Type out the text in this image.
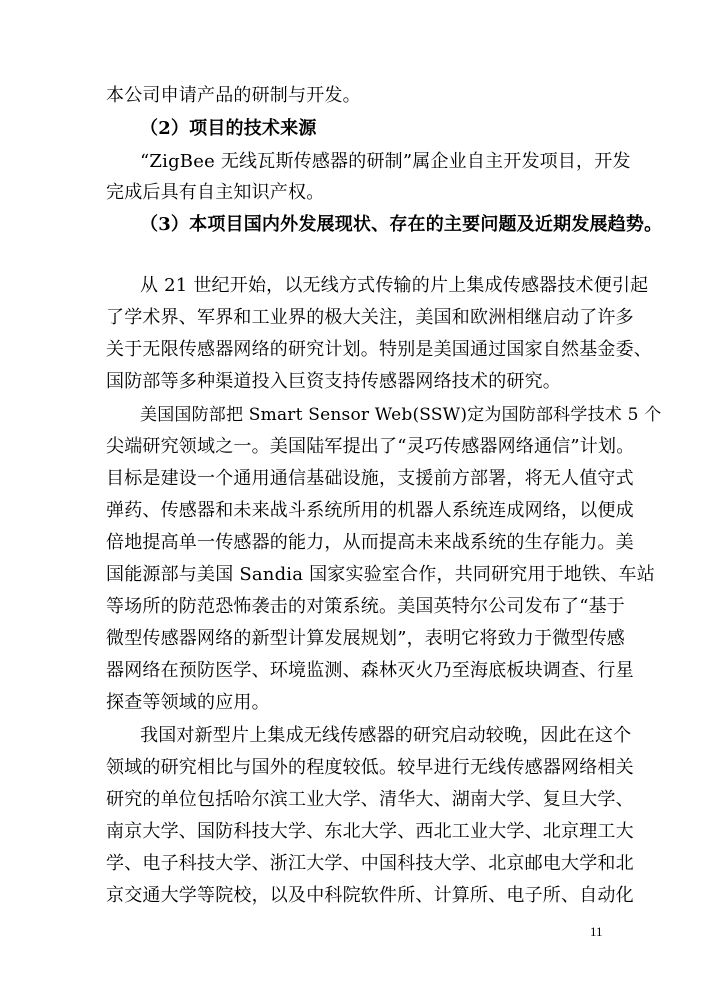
本公司申请产品的研制与开发。
（2）项目的技术来源
“ZigBee 无线瓦斯传感器的研制”属企业自主开发项目，开发
完成后具有自主知识产权。
（3）本项目国内外发展现状、存在的主要问题及近期发展趋势。
从 21 世纪开始，以无线方式传输的片上集成传感器技术便引起
了学术界、军界和工业界的极大关注，美国和欧洲相继启动了许多
关于无限传感器网络的研究计划。特别是美国通过国家自然基金委、
国防部等多种渠道投入巨资支持传感器网络技术的研究。
美国国防部把 Smart Sensor Web(SSW)定为国防部科学技术 5 个
尖端研究领域之一。美国陆军提出了“灵巧传感器网络通信”计划。
目标是建设一个通用通信基础设施，支援前方部署，将无人值守式
弹药、传感器和未来战斗系统所用的机器人系统连成网络，以便成
倍地提高单一传感器的能力，从而提高未来战系统的生存能力。美
国能源部与美国 Sandia 国家实验室合作，共同研究用于地铁、车站
等场所的防范恐怖袭击的对策系统。美国英特尔公司发布了“基于
微型传感器网络的新型计算发展规划”，表明它将致力于微型传感
器网络在预防医学、环境监测、森林灭火乃至海底板块调查、行星
探查等领域的应用。
我国对新型片上集成无线传感器的研究启动较晚，因此在这个
领域的研究相比与国外的程度较低。较早进行无线传感器网络相关
研究的单位包括哈尔滨工业大学、清华大、湖南大学、复旦大学、
南京大学、国防科技大学、东北大学、西北工业大学、北京理工大
学、电子科技大学、浙江大学、中国科技大学、北京邮电大学和北
京交通大学等院校，以及中科院软件所、计算所、电子所、自动化
11
